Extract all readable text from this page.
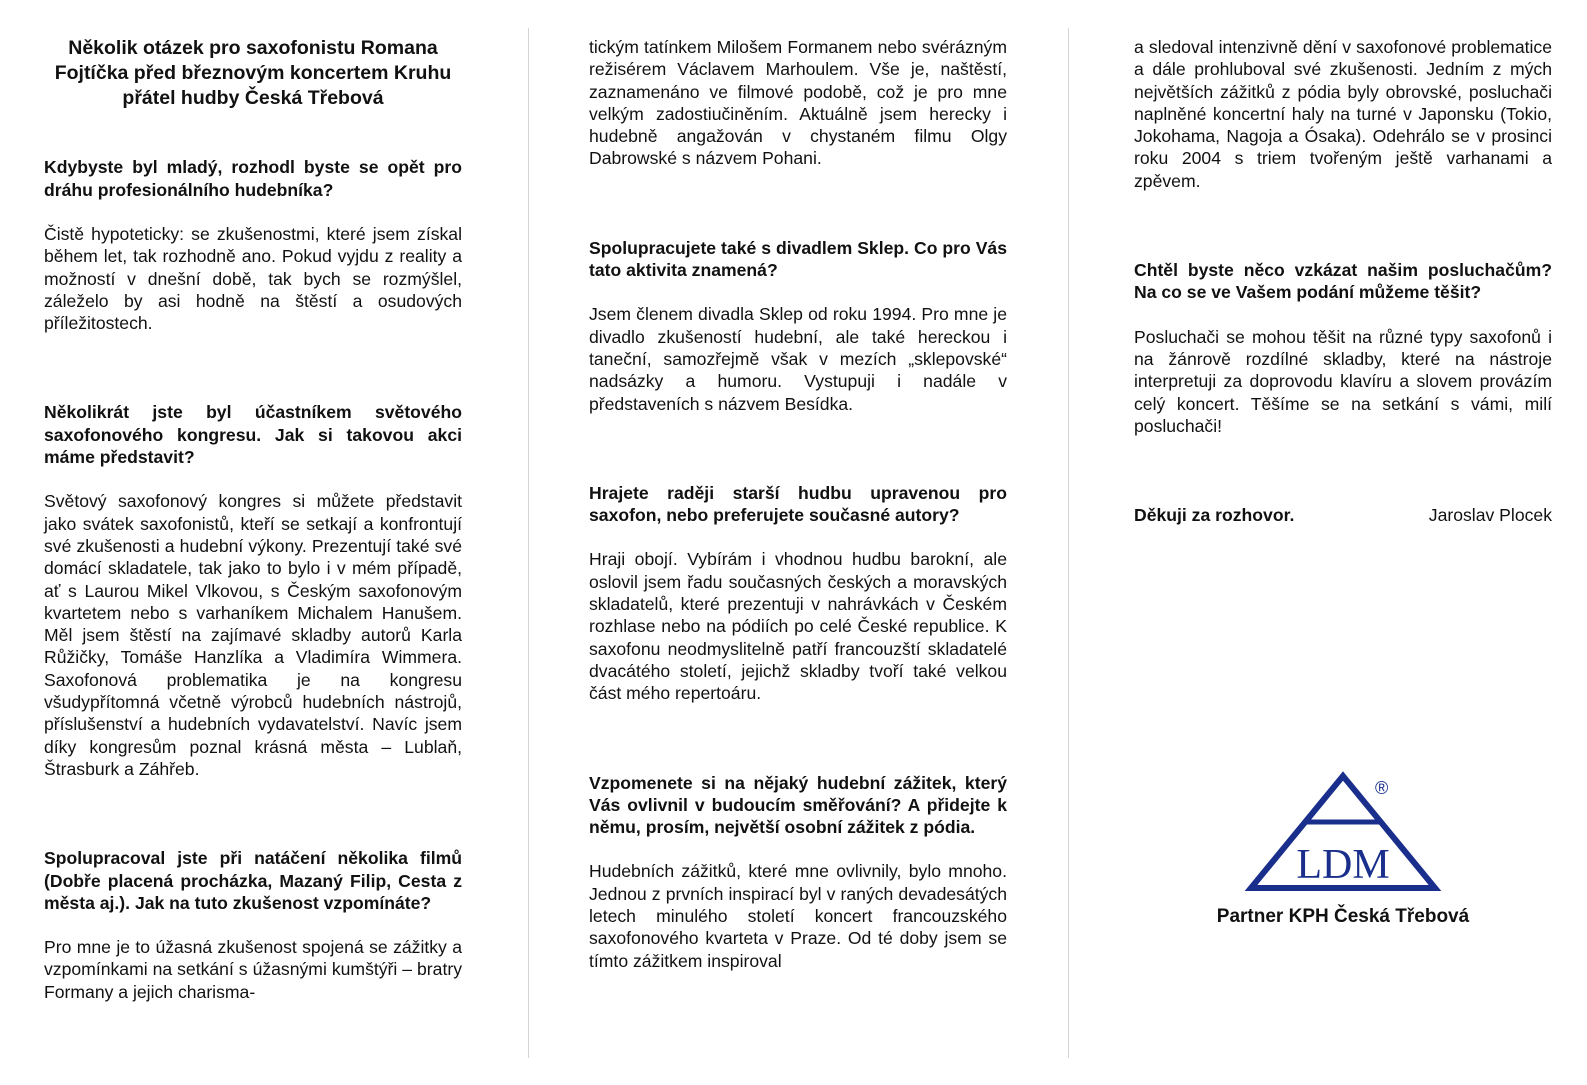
Několik otázek pro saxofonistu Romana Fojtíčka před březnovým koncertem Kruhu přátel hudby Česká Třebová

Kdybyste byl mladý, rozhodl byste se opět pro dráhu profesionálního hudebníka?

Čistě hypoteticky: se zkušenostmi, které jsem získal během let, tak rozhodně ano. Pokud vyjdu z reality a možností v dnešní době, tak bych se rozmýšlel, záleželo by asi hodně na štěstí a osudových příležitostech.

Několikrát jste byl účastníkem světového saxofonového kongresu. Jak si takovou akci máme představit?

Světový saxofonový kongres si můžete představit jako svátek saxofonistů, kteří se setkají a konfrontují své zkušenosti a hudební výkony. Prezentují také své domácí skladatele, tak jako to bylo i v mém případě, ať s Laurou Mikel Vlkovou, s Českým saxofonovým kvartetem nebo s varhaníkem Michalem Hanušem. Měl jsem štěstí na zajímavé skladby autorů Karla Růžičky, Tomáše Hanzlíka a Vladimíra Wimmera. Saxofonová problematika je na kongresu všudypřítomná včetně výrobců hudebních nástrojů, příslušenství a hudebních vydavatelství. Navíc jsem díky kongresům poznal krásná města – Lublaň, Štrasburk a Záhřeb.

Spolupracoval jste při natáčení několika filmů (Dobře placená procházka, Mazaný Filip, Cesta z města aj.). Jak na tuto zkušenost vzpomínáte?

Pro mne je to úžasná zkušenost spojená se zážitky a vzpomínkami na setkání s úžasnými kumštýři – bratry Formany a jejich charisma-

tickým tatínkem Milošem Formanem nebo svérázným režisérem Václavem Marhoulem. Vše je, naštěstí, zaznamenáno ve filmové podobě, což je pro mne velkým zadostiučiněním. Aktuálně jsem herecky i hudebně angažován v chystaném filmu Olgy Dabrowské s názvem Pohani.

Spolupracujete také s divadlem Sklep. Co pro Vás tato aktivita znamená?

Jsem členem divadla Sklep od roku 1994. Pro mne je divadlo zkušeností hudební, ale také hereckou i taneční, samozřejmě však v mezích „sklepovské“ nadsázky a humoru. Vystupuji i nadále v představeních s názvem Besídka.

Hrajete raději starší hudbu upravenou pro saxofon, nebo preferujete současné autory?

Hraji obojí. Vybírám i vhodnou hudbu barokní, ale oslovil jsem řadu současných českých a moravských skladatelů, které prezentuji v nahrávkách v Českém rozhlase nebo na pódiích po celé České republice. K saxofonu neodmyslitelně patří francouzští skladatelé dvacátého století, jejichž skladby tvoří také velkou část mého repertoáru.

Vzpomenete si na nějaký hudební zážitek, který Vás ovlivnil v budoucím směřování? A přidejte k němu, prosím, největší osobní zážitek z pódia.

Hudebních zážitků, které mne ovlivnily, bylo mnoho. Jednou z prvních inspirací byl v raných devadesátých letech minulého století koncert francouzského saxofonového kvarteta v Praze. Od té doby jsem se tímto zážitkem inspiroval

a sledoval intenzivně dění v saxofonové problematice a dále prohluboval své zkušenosti. Jedním z mých největších zážitků z pódia byly obrovské, posluchači naplněné koncertní haly na turné v Japonsku (Tokio, Jokohama, Nagoja a Ósaka). Odehrálo se v prosinci roku 2004 s triem tvořeným ještě varhanami a zpěvem.

Chtěl byste něco vzkázat našim posluchačům? Na co se ve Vašem podání můžeme těšit?

Posluchači se mohou těšit na různé typy saxofonů i na žánrově rozdílné skladby, které na nástroje interpretuji za doprovodu klavíru a slovem provázím celý koncert. Těšíme se na setkání s vámi, milí posluchači!

Děkuji za rozhovor.	Jaroslav Plocek
LDM
®
Partner KPH Česká Třebová
